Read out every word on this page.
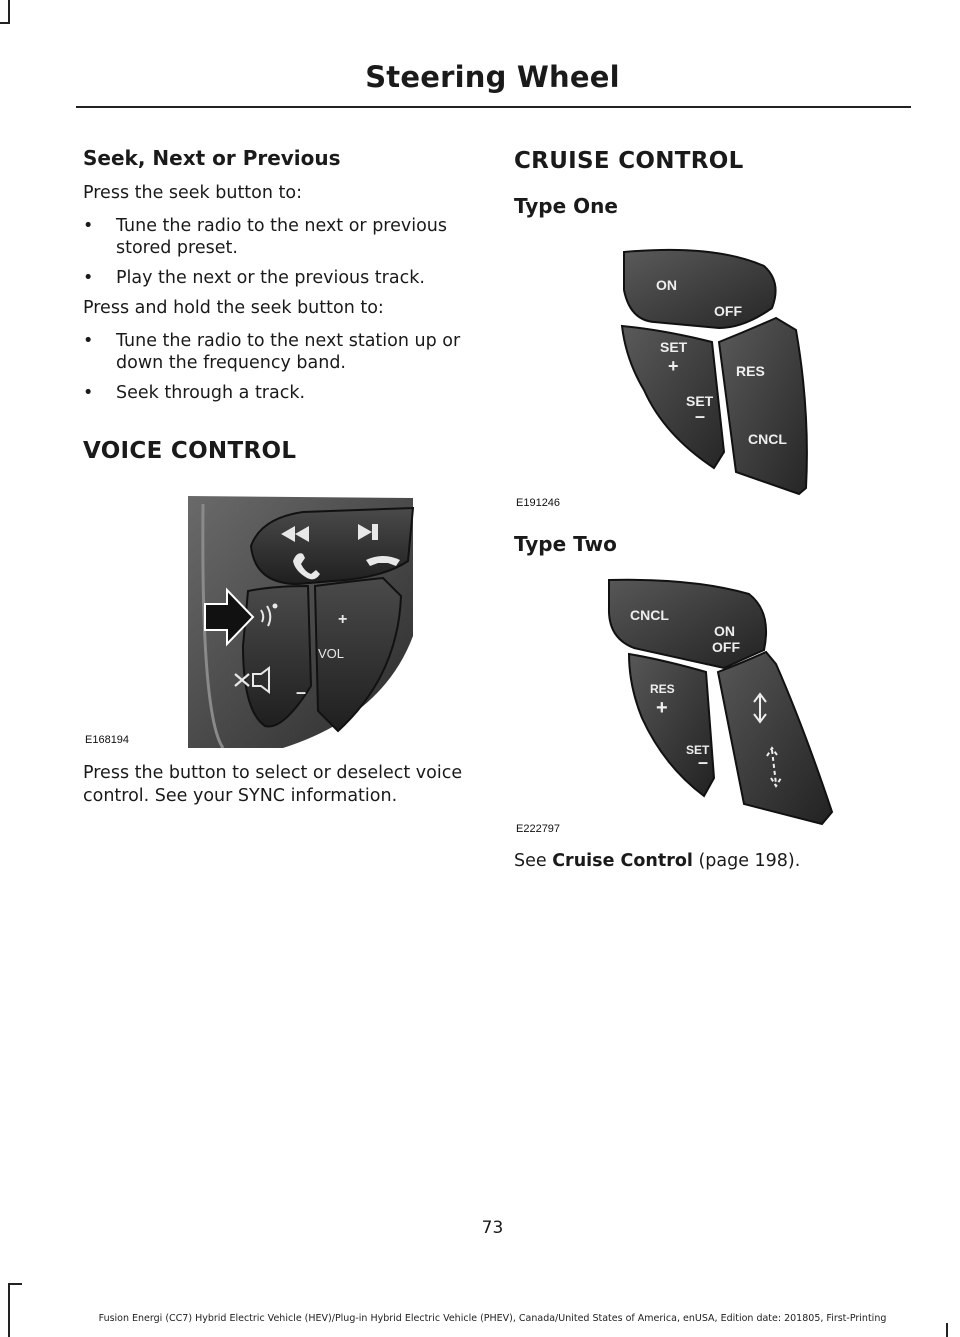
Steering Wheel
Seek, Next or Previous

Press the seek button to:

• Tune the radio to the next or previous stored preset.
• Play the next or the previous track.

Press and hold the seek button to:

• Tune the radio to the next station up or down the frequency band.
• Seek through a track.
VOICE CONTROL
+
VOL
–
E168194

Press the button to select or deselect voice control. See your SYNC information.

CRUISE CONTROL
Type One
ON
OFF
SET
+	RES
SET
–
CNCL
E191246
Type Two
CNCL
ON
OFF
RES
+
SET
–
E222797

See Cruise Control (page 198).

73
Fusion Energi (CC7) Hybrid Electric Vehicle (HEV)/Plug-in Hybrid Electric Vehicle (PHEV), Canada/United States of America, enUSA, Edition date: 201805, First-Printing
